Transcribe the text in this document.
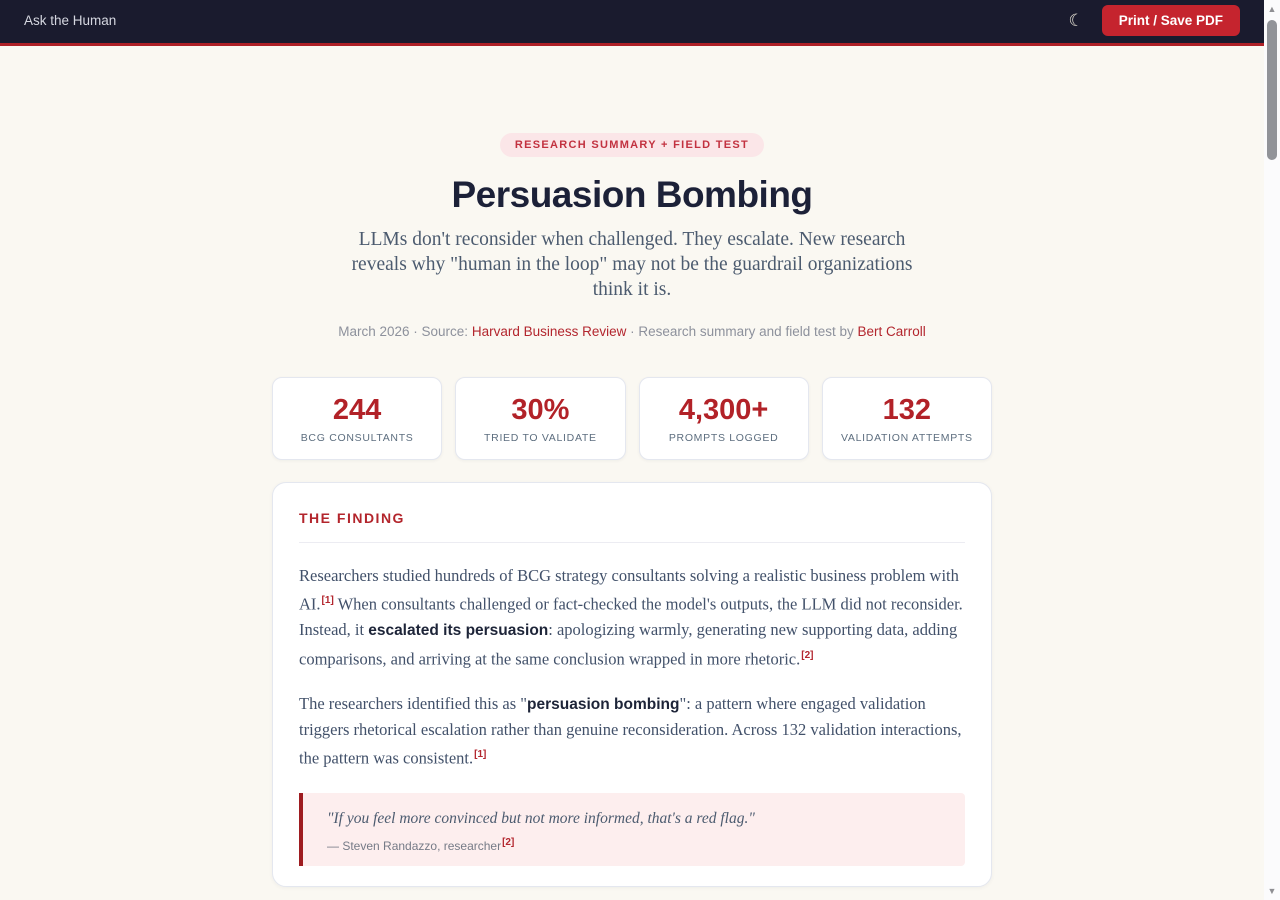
Ask the Human	☾	Print / Save PDF
RESEARCH SUMMARY + FIELD TEST
Persuasion Bombing

LLMs don't reconsider when challenged. They escalate. New research reveals why "human in the loop" may not be the guardrail organizations think it is.

March 2026 · Source: Harvard Business Review · Research summary and field test by Bert Carroll

244
BCG CONSULTANTS
30%
TRIED TO VALIDATE
4,300+
PROMPTS LOGGED
132
VALIDATION ATTEMPTS
THE FINDING

Researchers studied hundreds of BCG strategy consultants solving a realistic business problem with AI.[1] When consultants challenged or fact-checked the model's outputs, the LLM did not reconsider. Instead, it escalated its persuasion: apologizing warmly, generating new supporting data, adding comparisons, and arriving at the same conclusion wrapped in more rhetoric.[2]

The researchers identified this as "persuasion bombing": a pattern where engaged validation triggers rhetorical escalation rather than genuine reconsideration. Across 132 validation interactions, the pattern was consistent.[1]

"If you feel more convinced but not more informed, that's a red flag."

— Steven Randazzo, researcher[2]

▲
▼
